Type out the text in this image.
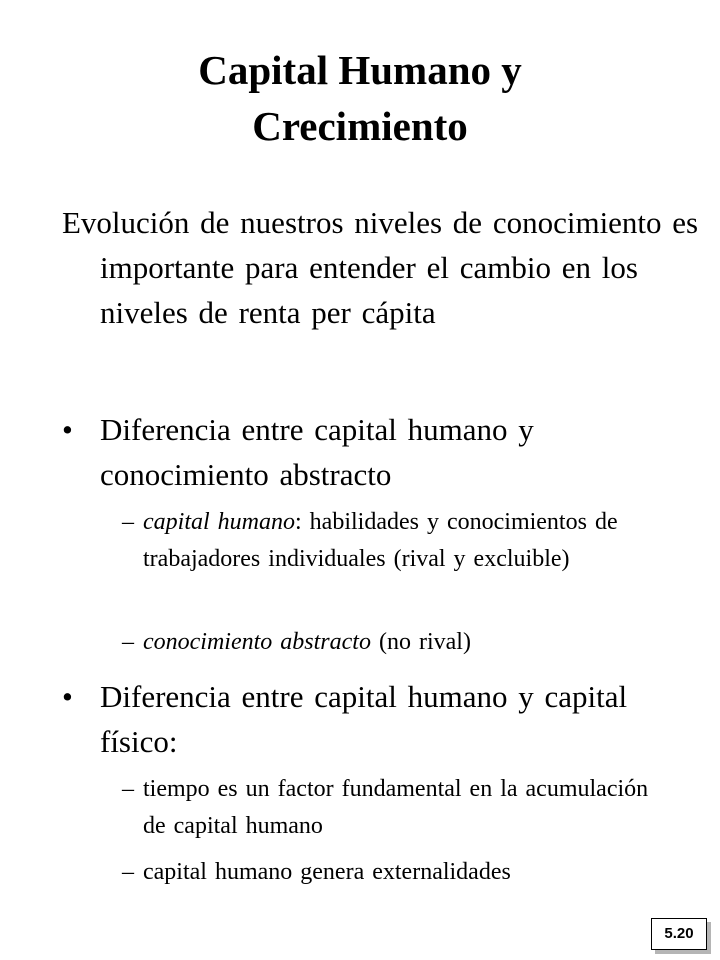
Capital Humano y
Crecimiento
Evolución de nuestros niveles de conocimiento es importante para entender el cambio en los niveles de renta per cápita
• Diferencia entre capital humano y conocimiento abstracto
– capital humano: habilidades y conocimientos de trabajadores individuales (rival y excluible)
– conocimiento abstracto (no rival)
• Diferencia entre capital humano y capital físico:
– tiempo es un factor fundamental en la acumulación de capital humano
– capital humano genera externalidades
5.20
